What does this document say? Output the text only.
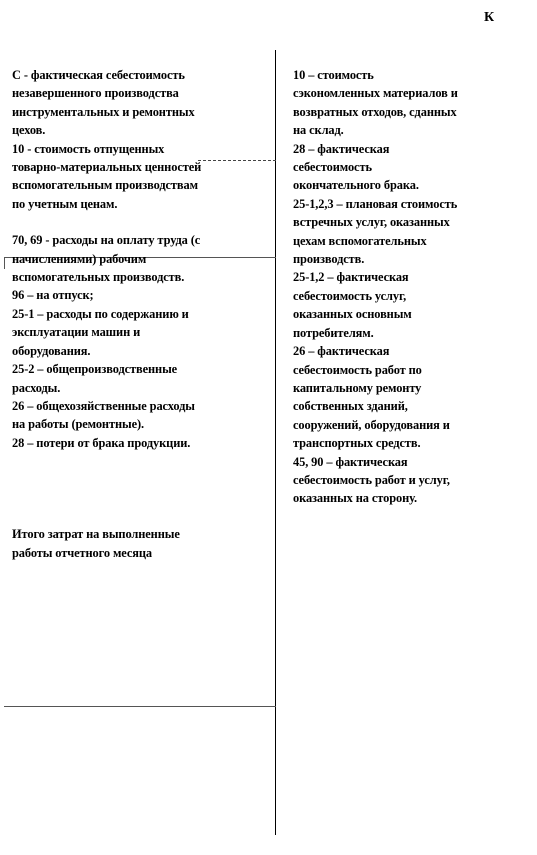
К
С - фактическая себестоимость
незавершенного производства
инструментальных и ремонтных
цехов.
10 - стоимость отпущенных
товарно-материальных ценностей
вспомогательным производствам
по учетным ценам.
70, 69 - расходы на оплату труда (с
начислениями) рабочим
вспомогательных производств.
96 – на отпуск;
25-1 – расходы по содержанию и
эксплуатации машин и
оборудования.
25-2 – общепроизводственные
расходы.
26 – общехозяйственные расходы
на работы (ремонтные).
28 – потери от брака продукции.
Итого затрат на выполненные
работы отчетного месяца
10 – стоимость
сэкономленных материалов и
возвратных отходов, сданных
на склад.
28 – фактическая
себестоимость
окончательного брака.
25-1,2,3 – плановая стоимость
встречных услуг, оказанных
цехам вспомогательных
производств.
25-1,2 – фактическая
себестоимость услуг,
оказанных основным
потребителям.
26 – фактическая
себестоимость работ по
капитальному ремонту
собственных зданий,
сооружений, оборудования и
транспортных средств.
45, 90 – фактическая
себестоимость работ и услуг,
оказанных на сторону.
